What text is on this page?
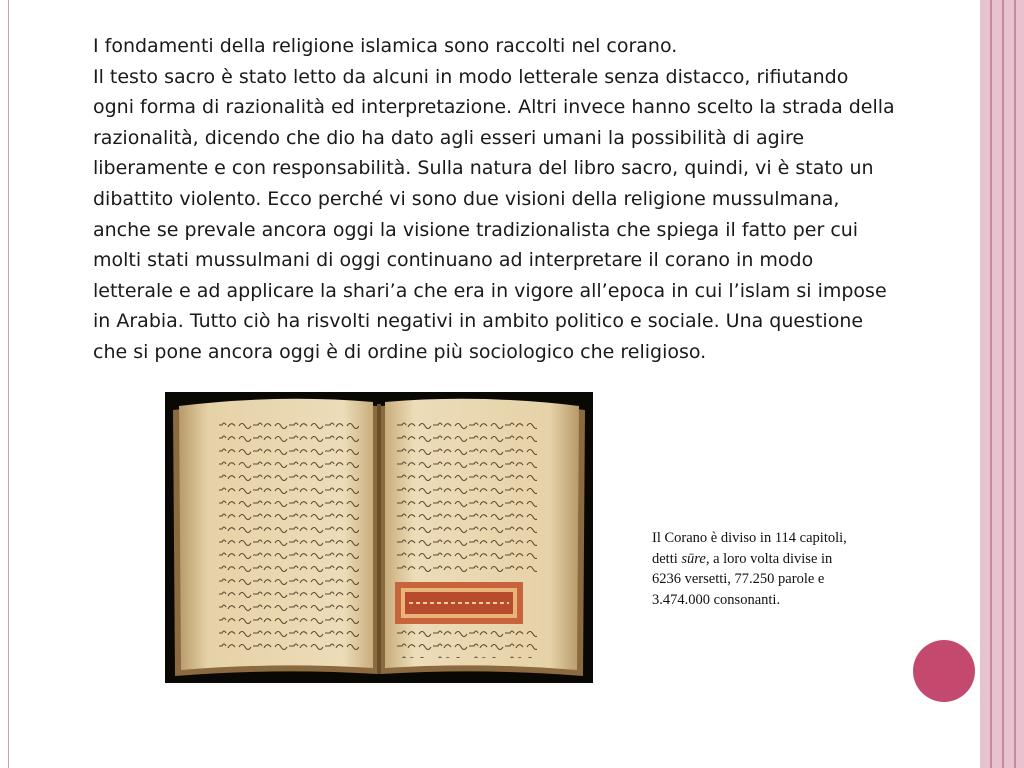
I fondamenti della religione islamica sono raccolti nel corano.

Il testo sacro è stato letto da alcuni in modo letterale senza distacco, rifiutando

ogni forma di razionalità ed interpretazione. Altri invece hanno scelto la strada della

razionalità, dicendo che dio ha dato agli esseri umani la possibilità di agire

liberamente e con responsabilità. Sulla natura del libro sacro, quindi, vi è stato un

dibattito violento. Ecco perché vi sono due visioni della religione mussulmana,

anche se prevale ancora oggi la visione tradizionalista che spiega il fatto per cui

molti stati mussulmani di oggi continuano ad interpretare il corano in modo

letterale e ad applicare la shari’a che era in vigore all’epoca in cui l’islam si impose

in Arabia. Tutto ciò ha risvolti negativi in ambito politico e sociale. Una questione

che si pone ancora oggi è di ordine più sociologico che religioso.

Il Corano è diviso in 114 capitoli,
detti sūre, a loro volta divise in
6236 versetti, 77.250 parole e
3.474.000 consonanti.
